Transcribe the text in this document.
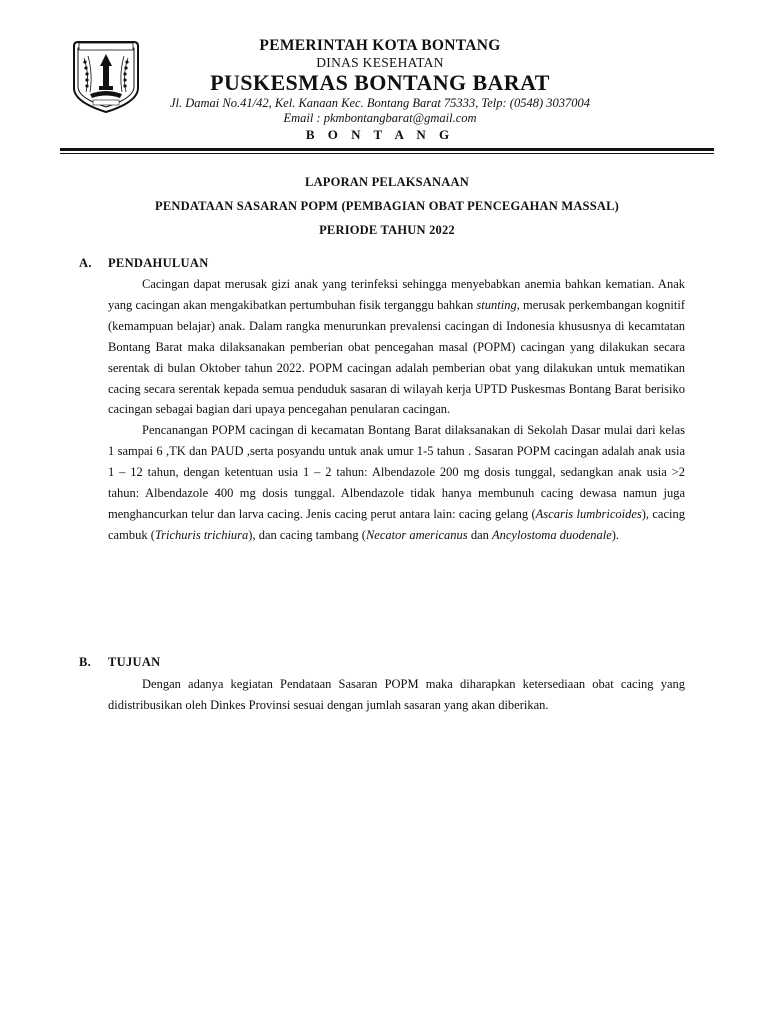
PEMERINTAH KOTA BONTANG
DINAS KESEHATAN
PUSKESMAS BONTANG BARAT
Jl. Damai No.41/42, Kel. Kanaan Kec. Bontang Barat 75333, Telp: (0548) 3037004
Email : pkmbontangbarat@gmail.com
B O N T A N G
LAPORAN PELAKSANAAN
PENDATAAN SASARAN POPM (PEMBAGIAN OBAT PENCEGAHAN MASSAL)
PERIODE TAHUN 2022
A. PENDAHULUAN

Cacingan dapat merusak gizi anak yang terinfeksi sehingga menyebabkan anemia bahkan kematian. Anak yang cacingan akan mengakibatkan pertumbuhan fisik terganggu bahkan stunting, merusak perkembangan kognitif (kemampuan belajar) anak. Dalam rangka menurunkan prevalensi cacingan di Indonesia khususnya di kecamtatan Bontang Barat maka dilaksanakan pemberian obat pencegahan masal (POPM) cacingan yang dilakukan secara serentak di bulan Oktober tahun 2022. POPM cacingan adalah pemberian obat yang dilakukan untuk mematikan cacing secara serentak kepada semua penduduk sasaran di wilayah kerja UPTD Puskesmas Bontang Barat berisiko cacingan sebagai bagian dari upaya pencegahan penularan cacingan.

Pencanangan POPM cacingan di kecamatan Bontang Barat dilaksanakan di Sekolah Dasar mulai dari kelas 1 sampai 6 ,TK dan PAUD ,serta posyandu untuk anak umur 1-5 tahun . Sasaran POPM cacingan adalah anak usia 1 – 12 tahun, dengan ketentuan usia 1 – 2 tahun: Albendazole 200 mg dosis tunggal, sedangkan anak usia >2 tahun: Albendazole 400 mg dosis tunggal. Albendazole tidak hanya membunuh cacing dewasa namun juga menghancurkan telur dan larva cacing. Jenis cacing perut antara lain: cacing gelang (Ascaris lumbricoides), cacing cambuk (Trichuris trichiura), dan cacing tambang (Necator americanus dan Ancylostoma duodenale).

B. TUJUAN

Dengan adanya kegiatan Pendataan Sasaran POPM maka diharapkan ketersediaan obat cacing yang didistribusikan oleh Dinkes Provinsi sesuai dengan jumlah sasaran yang akan diberikan.
